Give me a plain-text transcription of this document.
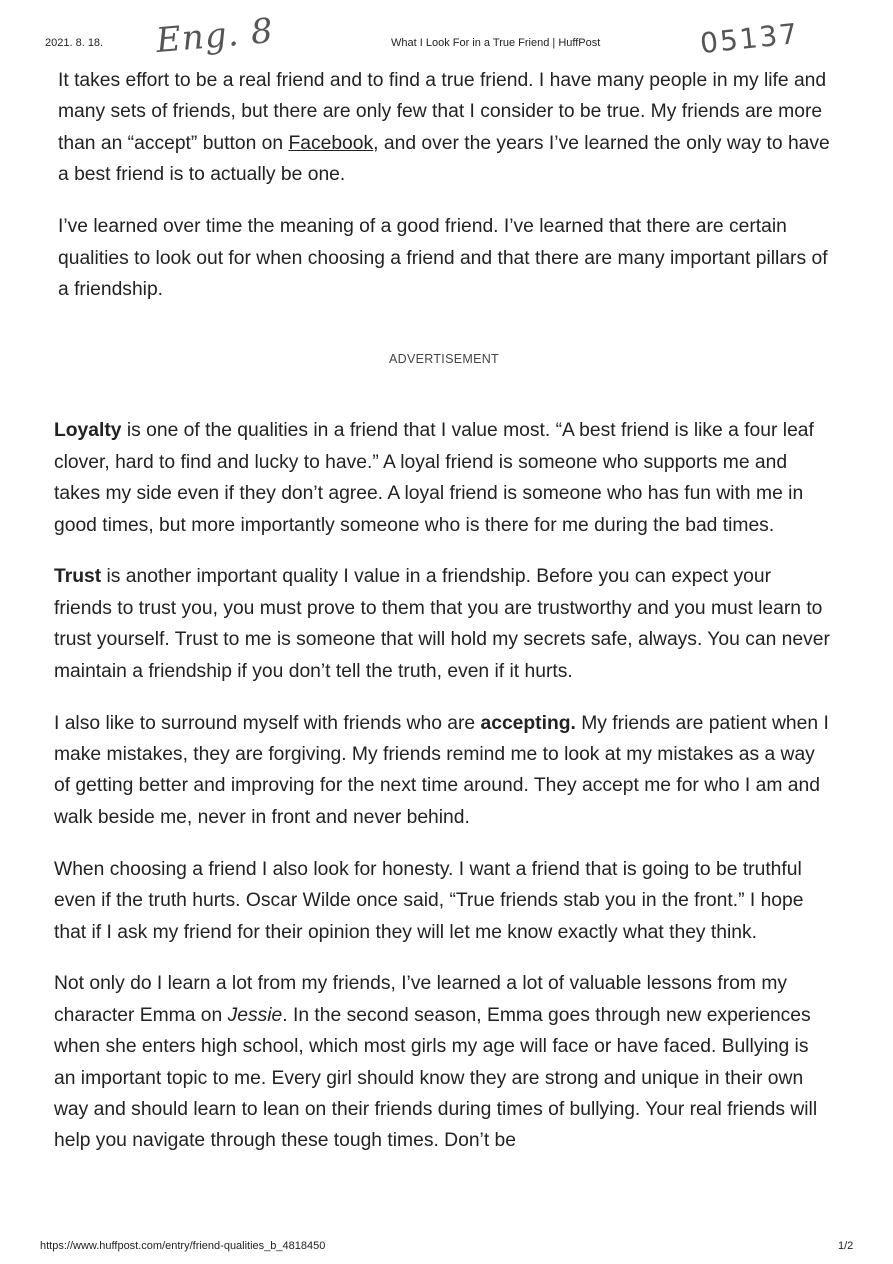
2021. 8. 18. Eng. 8	What I Look For in a True Friend | HuffPost	05137

It takes effort to be a real friend and to find a true friend. I have many people in my life and many sets of friends, but there are only few that I consider to be true. My friends are more than an “accept” button on Facebook, and over the years I’ve learned the only way to have a best friend is to actually be one.

I’ve learned over time the meaning of a good friend. I’ve learned that there are certain qualities to look out for when choosing a friend and that there are many important pillars of a friendship.

ADVERTISEMENT

Loyalty is one of the qualities in a friend that I value most. “A best friend is like a four leaf clover, hard to find and lucky to have.” A loyal friend is someone who supports me and takes my side even if they don’t agree. A loyal friend is someone who has fun with me in good times, but more importantly someone who is there for me during the bad times.

Trust is another important quality I value in a friendship. Before you can expect your friends to trust you, you must prove to them that you are trustworthy and you must learn to trust yourself. Trust to me is someone that will hold my secrets safe, always. You can never maintain a friendship if you don’t tell the truth, even if it hurts.

I also like to surround myself with friends who are accepting. My friends are patient when I make mistakes, they are forgiving. My friends remind me to look at my mistakes as a way of getting better and improving for the next time around. They accept me for who I am and walk beside me, never in front and never behind.

When choosing a friend I also look for honesty. I want a friend that is going to be truthful even if the truth hurts. Oscar Wilde once said, “True friends stab you in the front.” I hope that if I ask my friend for their opinion they will let me know exactly what they think.

Not only do I learn a lot from my friends, I’ve learned a lot of valuable lessons from my character Emma on Jessie. In the second season, Emma goes through new experiences when she enters high school, which most girls my age will face or have faced. Bullying is an important topic to me. Every girl should know they are strong and unique in their own way and should learn to lean on their friends during times of bullying. Your real friends will help you navigate through these tough times. Don’t be

https://www.huffpost.com/entry/friend-qualities_b_4818450	1/2
